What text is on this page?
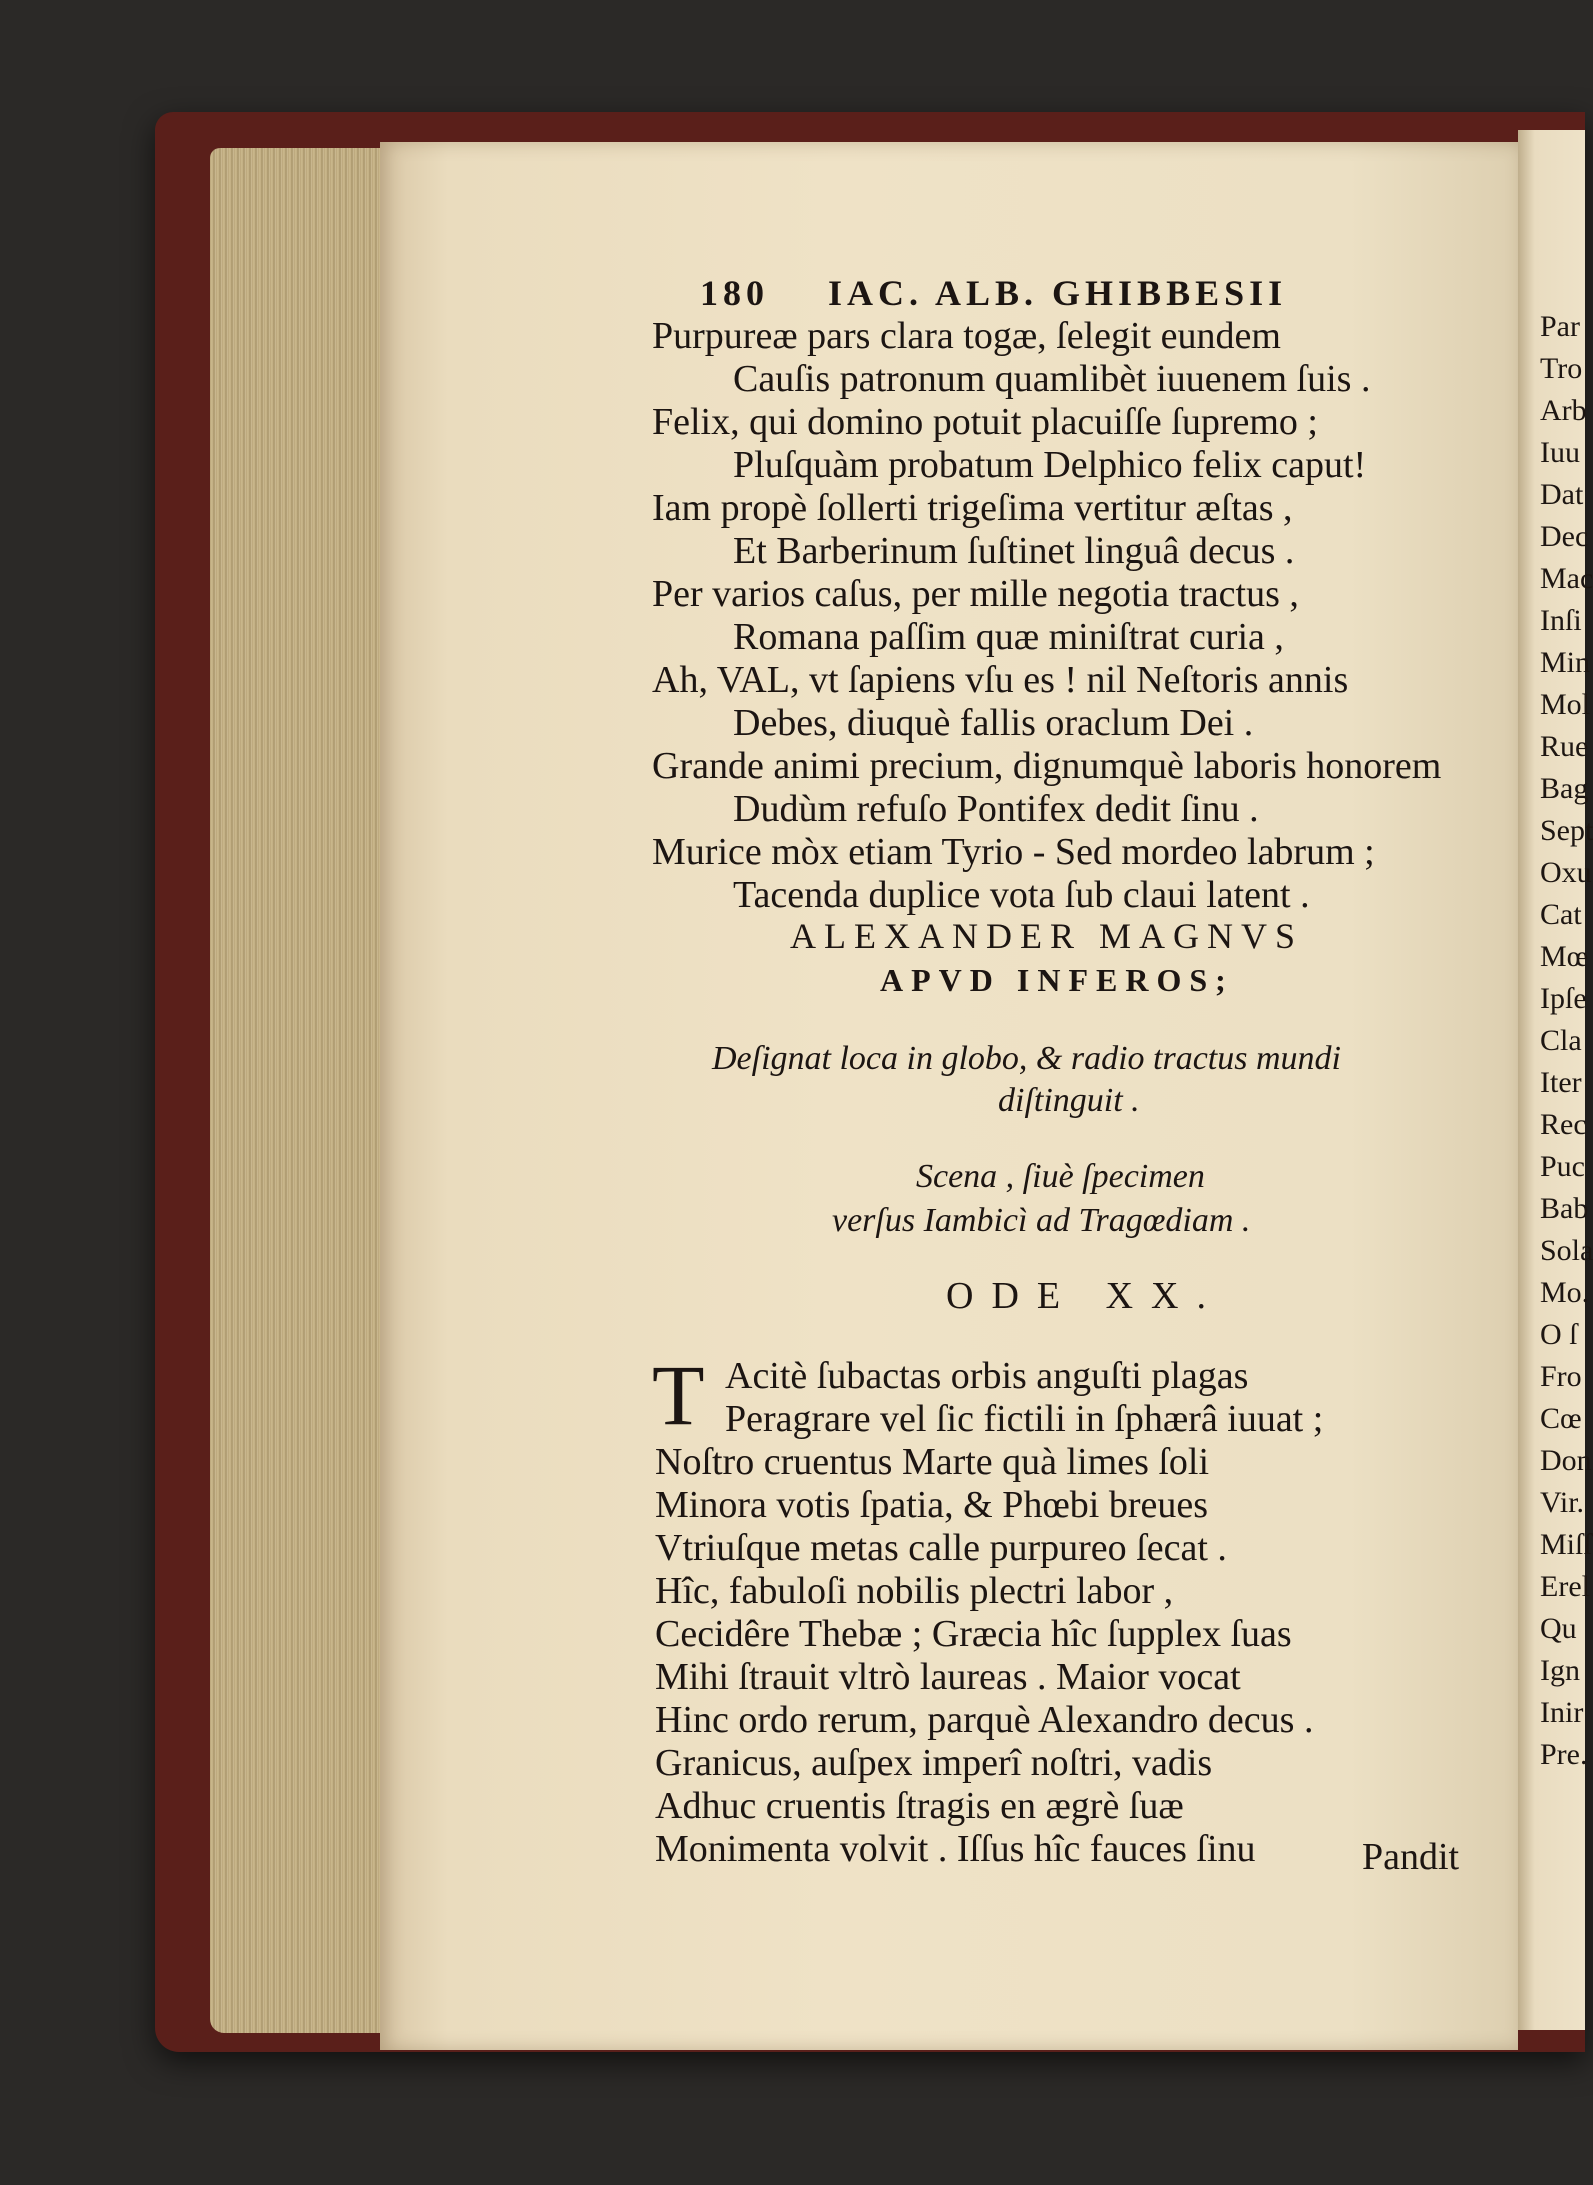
180 IAC. ALB. GHIBBESII
Purpureæ pars clara togæ, ſelegit eundem
Cauſis patronum quamlibèt iuuenem ſuis .
Felix, qui domino potuit placuiſſe ſupremo ;
Pluſquàm probatum Delphico felix caput!
Iam propè ſollerti trigeſima vertitur æſtas ,
Et Barberinum ſuſtinet linguâ decus .
Per varios caſus, per mille negotia tractus ,
Romana paſſim quæ miniſtrat curia ,
Ah, VAL, vt ſapiens vſu es ! nil Neſtoris annis
Debes, diuquè fallis oraclum Dei .
Grande animi precium, dignumquè laboris honorem
Dudùm refuſo Pontifex dedit ſinu .
Murice mòx etiam Tyrio - Sed mordeo labrum ;
Tacenda duplice vota ſub claui latent .
ALEXANDER MAGNVS
APVD INFEROS;
Deſignat loca in globo, & radio tractus mundi
diſtinguit .
Scena , ſiuè ſpecimen
verſus Iambicì ad Tragœdiam .
ODE XX.
T Acitè ſubactas orbis anguſti plagas
Peragrare vel ſic fictili in ſphærâ iuuat ;
Noſtro cruentus Marte quà limes ſoli
Minora votis ſpatia, & Phœbi breues
Vtriuſque metas calle purpureo ſecat .
Hîc, fabuloſi nobilis plectri labor ,
Cecidêre Thebæ ; Græcia hîc ſupplex ſuas
Mihi ſtrauit vltrò laureas . Maior vocat
Hinc ordo rerum, parquè Alexandro decus .
Granicus, auſpex imperî noſtri, vadis
Adhuc cruentis ſtragis en ægrè ſuæ
Monimenta volvit . Iſſus hîc fauces ſinu	Pandit
Par
Tro
Arb
Iuu
Dat
Dec
Mac
Inſi
Min
Mol
Rue
Bag
Sept
Oxu
Cat
Mœ
Ipſe
Cla
Iter
Rec
Puc
Bab
Sola
Mo.
O ſ
Fro
Cœ
Don
Vir.
Miſſ
Erel
Qu
Ign
Inir
Pre.
